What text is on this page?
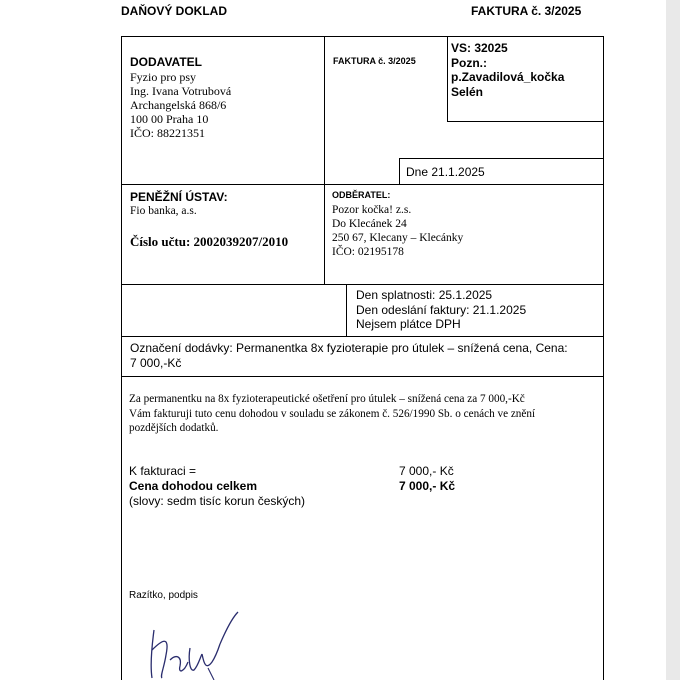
DAŇOVÝ DOKLAD	FAKTURA č. 3/2025
DODAVATEL
Fyzio pro psy
Ing. Ivana Votrubová
Archangelská 868/6
100 00 Praha 10
IČO: 88221351
FAKTURA č. 3/2025
VS: 32025
Pozn.:
p.Zavadilová_kočka
Selén
Dne 21.1.2025
PENĚŽNÍ ÚSTAV:
Fio banka, a.s.
Číslo učtu: 2002039207/2010
ODBĚRATEL:
Pozor kočka! z.s.
Do Klecánek 24
250 67, Klecany – Klecánky
IČO: 02195178
Den splatnosti: 25.1.2025
Den odeslání faktury: 21.1.2025
Nejsem plátce DPH
Označení dodávky: Permanentka 8x fyzioterapie pro útulek – snížená cena, Cena:
7 000,-Kč
Za permanentku na 8x fyzioterapeutické ošetření pro útulek – snížená cena za 7 000,-Kč
Vám fakturuji tuto cenu dohodou v souladu se zákonem č. 526/1990 Sb. o cenách ve znění
pozdějších dodatků.
K fakturaci =	7 000,- Kč
Cena dohodou celkem	7 000,- Kč
(slovy: sedm tisíc korun českých)
Razítko, podpis
